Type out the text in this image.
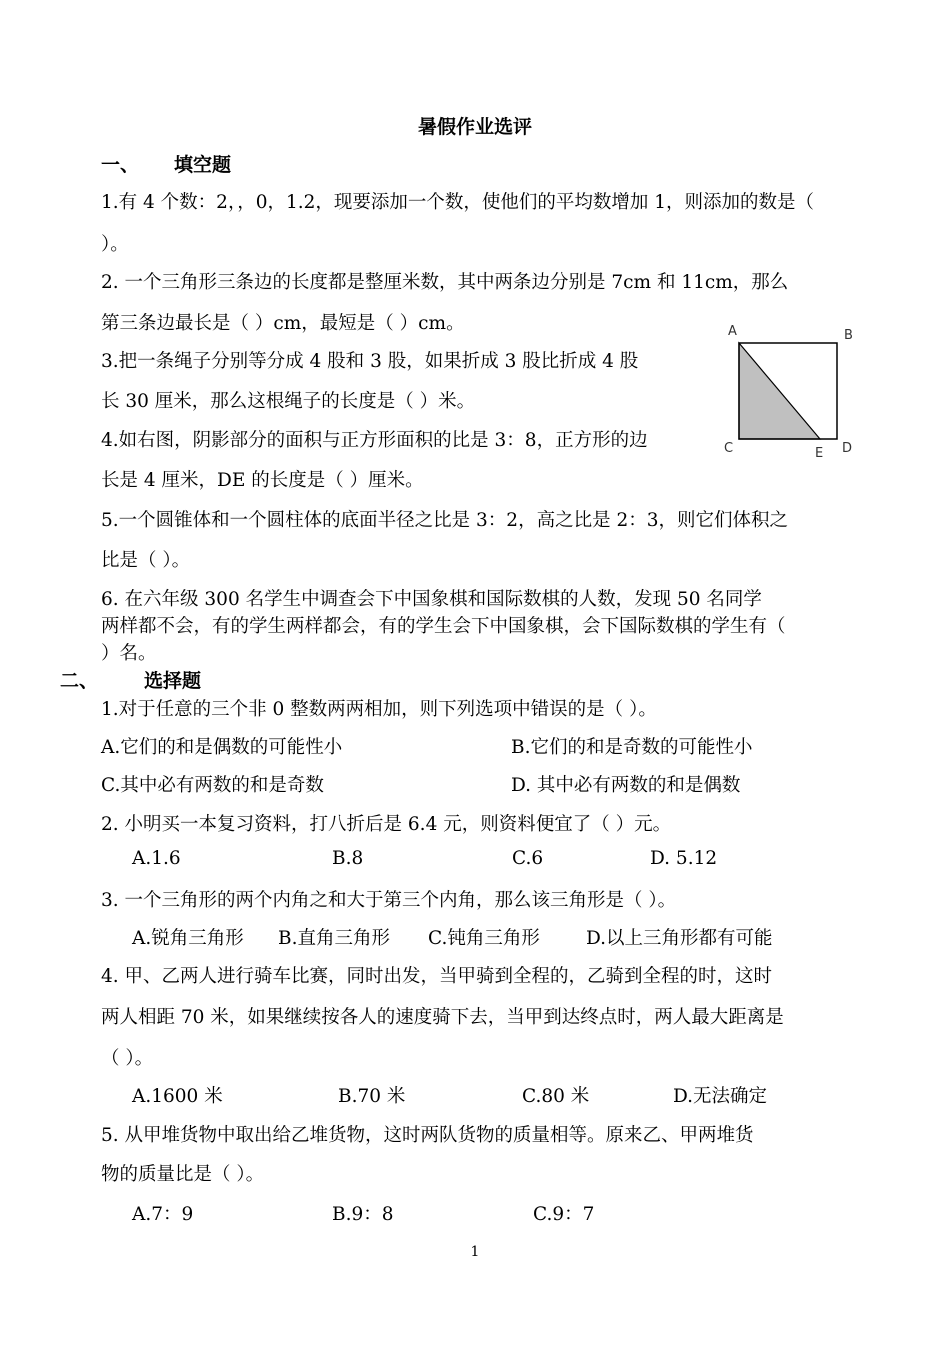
暑假作业选评
一、 填空题
1.有 4 个数：2，，0，1.2，现要添加一个数，使他们的平均数增加 1，则添加的数是（
）。
2. 一个三角形三条边的长度都是整厘米数，其中两条边分别是 7cm 和 11cm，那么
第三条边最长是（ ）cm，最短是（ ）cm。
3.把一条绳子分别等分成 4 股和 3 股，如果折成 3 股比折成 4 股
长 30 厘米，那么这根绳子的长度是（ ）米。
4.如右图，阴影部分的面积与正方形面积的比是 3：8，正方形的边
长是 4 厘米，DE 的长度是（ ）厘米。
5.一个圆锥体和一个圆柱体的底面半径之比是 3：2，高之比是 2：3，则它们体积之
比是（ ）。
6. 在六年级 300 名学生中调查会下中国象棋和国际数棋的人数，发现 50 名同学
两样都不会，有的学生两样都会，有的学生会下中国象棋，会下国际数棋的学生有（
）名。
A	B
C	D
E
二、 选择题
1.对于任意的三个非 0 整数两两相加，则下列选项中错误的是（ ）。
A.它们的和是偶数的可能性小	B.它们的和是奇数的可能性小
C.其中必有两数的和是奇数	D. 其中必有两数的和是偶数
2. 小明买一本复习资料，打八折后是 6.4 元，则资料便宜了（ ）元。
A.1.6	B.8	C.6	D. 5.12
3. 一个三角形的两个内角之和大于第三个内角，那么该三角形是（ ）。
A.锐角三角形 B.直角三角形 C.钝角三角形 D.以上三角形都有可能
4. 甲、乙两人进行骑车比赛，同时出发，当甲骑到全程的，乙骑到全程的时，这时
两人相距 70 米，如果继续按各人的速度骑下去，当甲到达终点时，两人最大距离是
（ ）。
A.1600 米	B.70 米	C.80 米	D.无法确定
5. 从甲堆货物中取出给乙堆货物，这时两队货物的质量相等。原来乙、甲两堆货
物的质量比是（ ）。
A.7：9	B.9：8	C.9：7
1
